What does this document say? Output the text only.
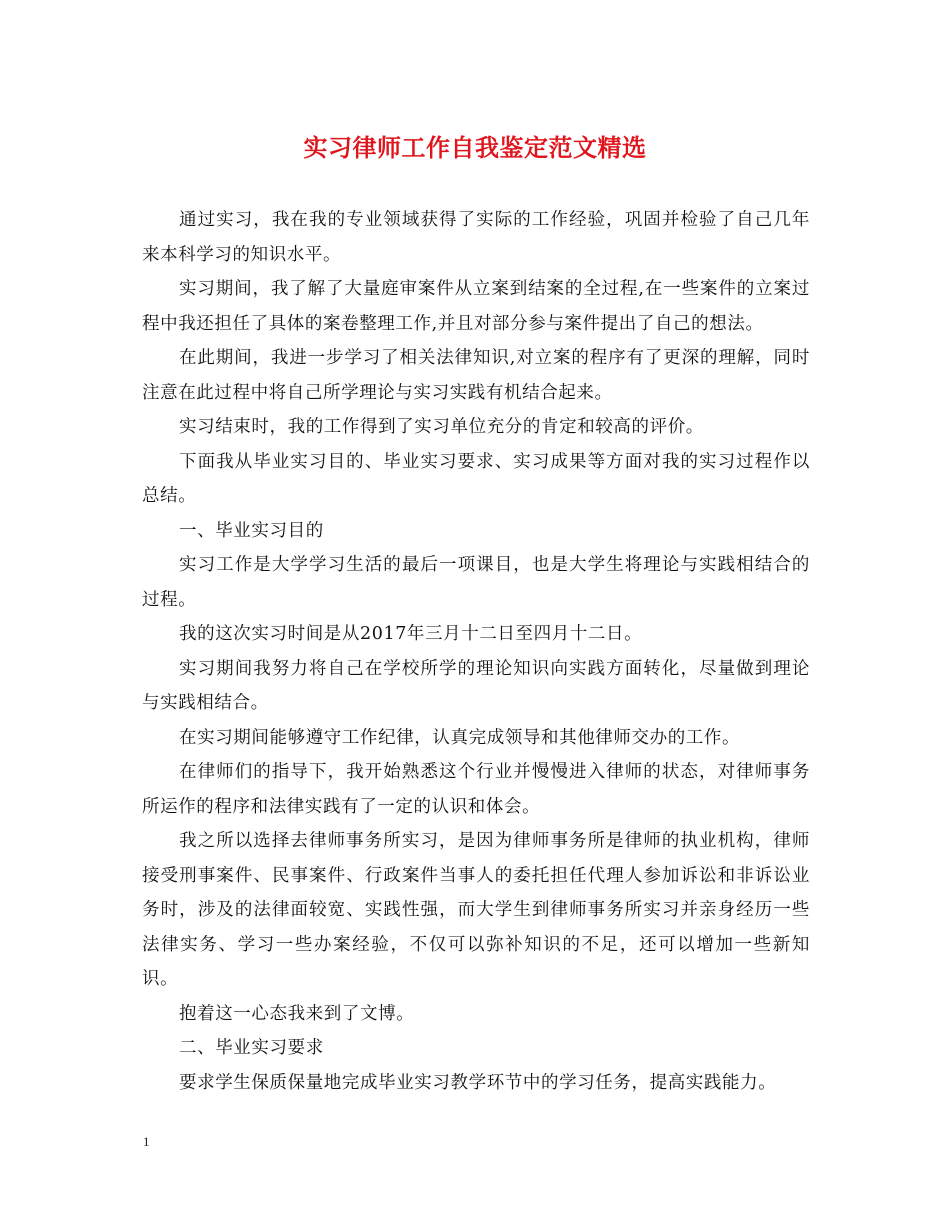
实习律师工作自我鉴定范文精选

通过实习，我在我的专业领域获得了实际的工作经验，巩固并检验了自己几年来本科学习的知识水平。

实习期间，我了解了大量庭审案件从立案到结案的全过程,在一些案件的立案过程中我还担任了具体的案卷整理工作,并且对部分参与案件提出了自己的想法。

在此期间，我进一步学习了相关法律知识,对立案的程序有了更深的理解，同时注意在此过程中将自己所学理论与实习实践有机结合起来。

实习结束时，我的工作得到了实习单位充分的肯定和较高的评价。

下面我从毕业实习目的、毕业实习要求、实习成果等方面对我的实习过程作以总结。

一、毕业实习目的

实习工作是大学学习生活的最后一项课目，也是大学生将理论与实践相结合的过程。

我的这次实习时间是从2017年三月十二日至四月十二日。

实习期间我努力将自己在学校所学的理论知识向实践方面转化，尽量做到理论与实践相结合。

在实习期间能够遵守工作纪律，认真完成领导和其他律师交办的工作。

在律师们的指导下，我开始熟悉这个行业并慢慢进入律师的状态，对律师事务所运作的程序和法律实践有了一定的认识和体会。

我之所以选择去律师事务所实习，是因为律师事务所是律师的执业机构，律师接受刑事案件、民事案件、行政案件当事人的委托担任代理人参加诉讼和非诉讼业务时，涉及的法律面较宽、实践性强，而大学生到律师事务所实习并亲身经历一些法律实务、学习一些办案经验，不仅可以弥补知识的不足，还可以增加一些新知识。

抱着这一心态我来到了文博。

二、毕业实习要求

要求学生保质保量地完成毕业实习教学环节中的学习任务，提高实践能力。

1
